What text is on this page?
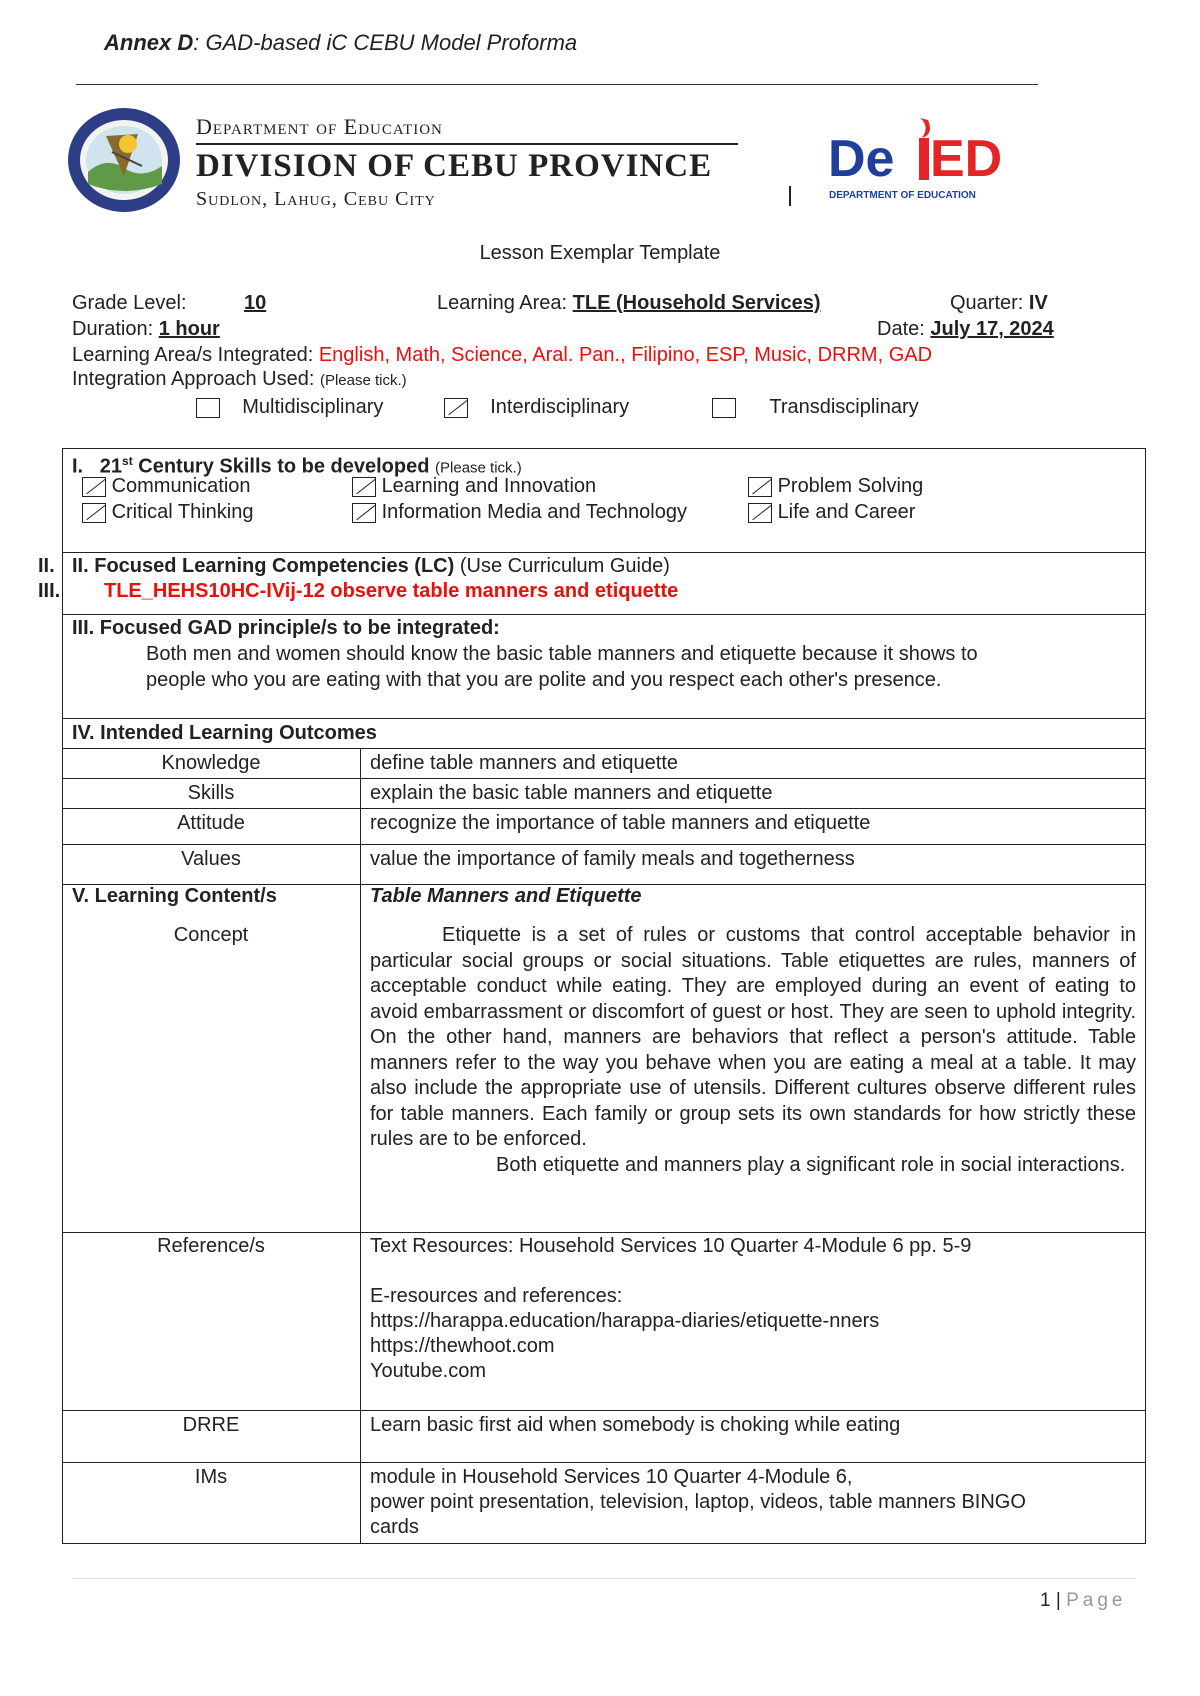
Annex D: GAD-based iC CEBU Model Proforma
Department of Education
DIVISION OF CEBU PROVINCE
Sudlon, Lahug, Cebu City
De ED
DEPARTMENT OF EDUCATION
Lesson Exemplar Template
Grade Level:	10	Learning Area: TLE (Household Services)	Quarter: IV
Duration: 1 hour	Date: July 17, 2024
Learning Area/s Integrated: English, Math, Science, Aral. Pan., Filipino, ESP, Music, DRRM, GAD
Integration Approach Used: (Please tick.)
Multidisciplinary	Interdisciplinary	Transdisciplinary
I. 21st Century Skills to be developed (Please tick.)
Communication	Learning and Innovation	Problem Solving
Critical Thinking	Information Media and Technology	Life and Career
II.
III.
II. Focused Learning Competencies (LC) (Use Curriculum Guide)
TLE_HEHS10HC-IVij-12 observe table manners and etiquette
III. Focused GAD principle/s to be integrated:
Both men and women should know the basic table manners and etiquette because it shows to
people who you are eating with that you are polite and you respect each other's presence.
IV. Intended Learning Outcomes
Knowledge	define table manners and etiquette
Skills	explain the basic table manners and etiquette
Attitude	recognize the importance of table manners and etiquette
Values	value the importance of family meals and togetherness
V. Learning Content/s	Table Manners and Etiquette
Concept	Etiquette is a set of rules or customs that control acceptable behavior in particular social groups or social situations. Table etiquettes are rules, manners of acceptable conduct while eating. They are employed during an event of eating to avoid embarrassment or discomfort of guest or host. They are seen to uphold integrity. On the other hand, manners are behaviors that reflect a person's attitude. Table manners refer to the way you behave when you are eating a meal at a table. It may also include the appropriate use of utensils. Different cultures observe different rules for table manners. Each family or group sets its own standards for how strictly these rules are to be enforced.
Both etiquette and manners play a significant role in social interactions.
Reference/s	Text Resources: Household Services 10 Quarter 4-Module 6 pp. 5-9
E-resources and references:
https://harappa.education/harappa-diaries/etiquette-nners
https://thewhoot.com
Youtube.com
DRRE	Learn basic first aid when somebody is choking while eating
IMs	module in Household Services 10 Quarter 4-Module 6,
power point presentation, television, laptop, videos, table manners BINGO
cards
1 | Page
